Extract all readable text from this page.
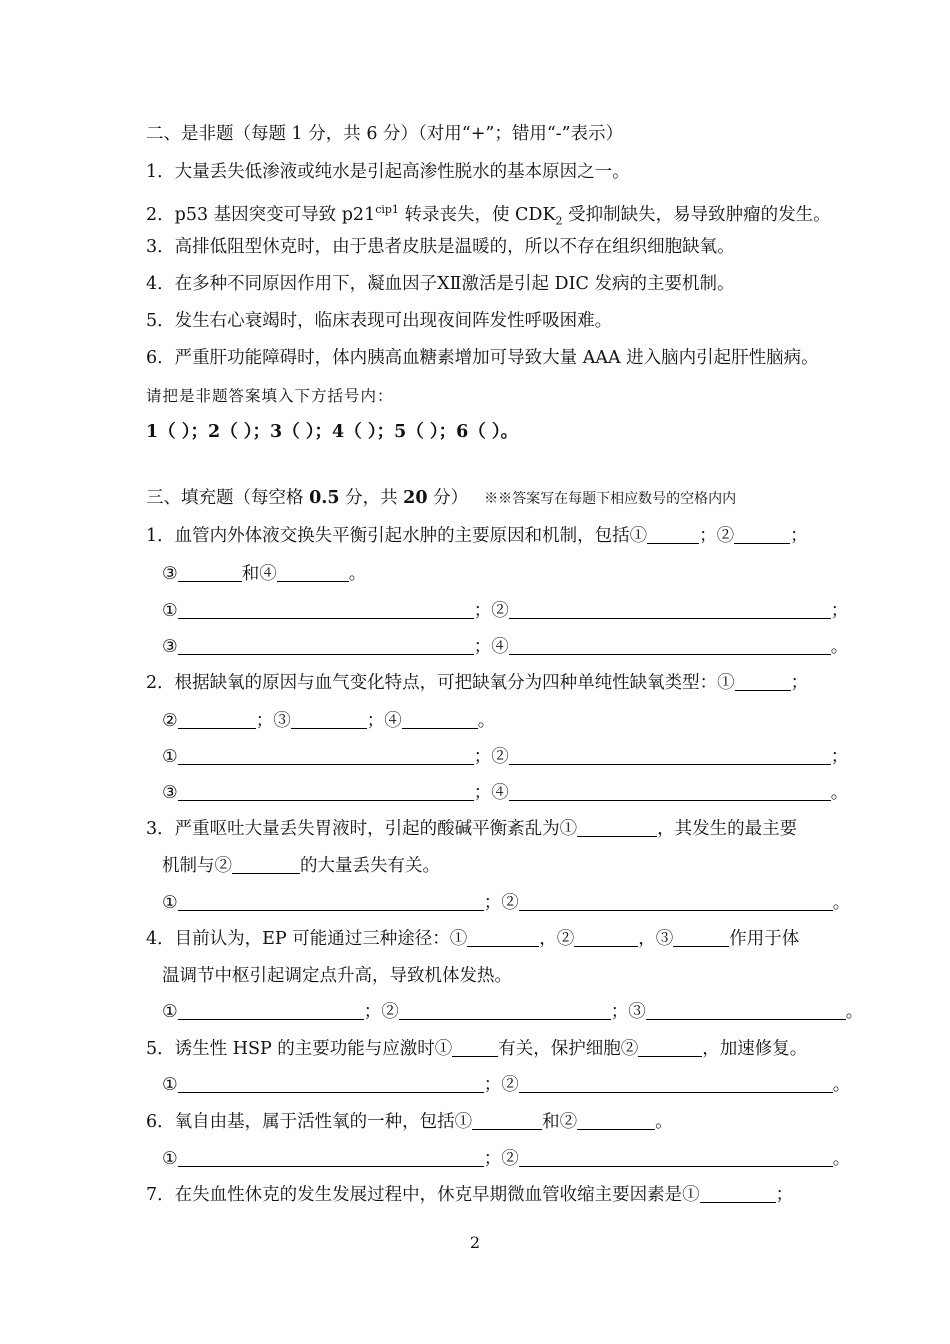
二、是非题（每题 1 分，共 6 分）（对用“+”；错用“-”表示）
1．大量丢失低渗液或纯水是引起高渗性脱水的基本原因之一。
2．p53 基因突变可导致 $p21^{cip1}$ 转录丧失，使 $CDK_2$ 受抑制缺失，易导致肿瘤的发生。
3．高排低阻型休克时，由于患者皮肤是温暖的，所以不存在组织细胞缺氧。
4．在多种不同原因作用下，凝血因子ⅩⅡ激活是引起 DIC 发病的主要机制。
5．发生右心衰竭时，临床表现可出现夜间阵发性呼吸困难。
6．严重肝功能障碍时，体内胰高血糖素增加可导致大量 AAA 进入脑内引起肝性脑病。
请把是非题答案填入下方括号内：
1（ ）；2（ ）；3（ ）；4（ ）；5（ ）；6（ ）。
三、填充题（每空格 0.5 分，共 20 分） ※※答案写在每题下相应数号的空格内内
1．血管内外体液交换失平衡引起水肿的主要原因和机制，包括①	；②	；
③	和④	。
①	；②	；
③	；④	。
2．根据缺氧的原因与血气变化特点，可把缺氧分为四种单纯性缺氧类型：①	；
②	；③	；④	。
①	；②	；
③	；④	。
3．严重呕吐大量丢失胃液时，引起的酸碱平衡紊乱为①	，其发生的最主要
机制与②	的大量丢失有关。
①	；②	。
4．目前认为，EP 可能通过三种途径：①	，②	，③	作用于体
温调节中枢引起调定点升高，导致机体发热。
①	；②	；③	。
5．诱生性 HSP 的主要功能与应激时①	有关，保护细胞②	，加速修复。
①	；②	。
6．氧自由基，属于活性氧的一种，包括①	和②	。
①	；②	。
7．在失血性休克的发生发展过程中，休克早期微血管收缩主要因素是①	；
2
